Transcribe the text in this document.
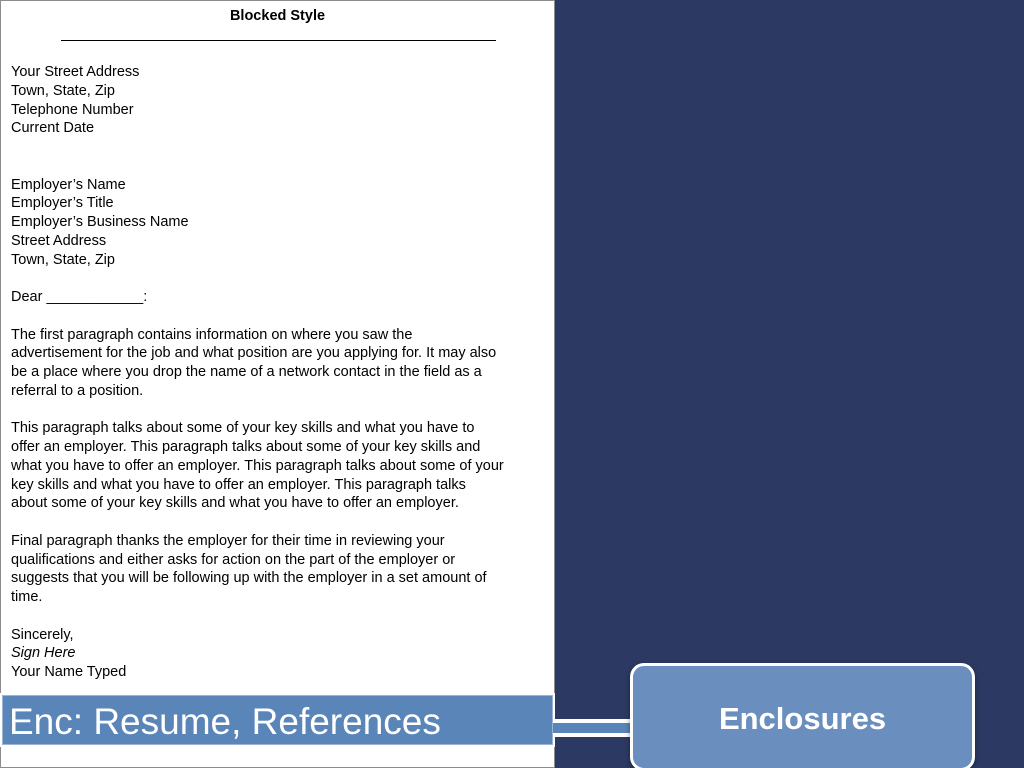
Blocked Style
Your Street Address
Town, State, Zip
Telephone Number
Current Date
Employer’s Name
Employer’s Title
Employer’s Business Name
Street Address
Town, State, Zip
Dear ____________:
The first paragraph contains information on where you saw the
advertisement for the job and what position are you applying for. It may also
be a place where you drop the name of a network contact in the field as a
referral to a position.
This paragraph talks about some of your key skills and what you have to
offer an employer. This paragraph talks about some of your key skills and
what you have to offer an employer. This paragraph talks about some of your
key skills and what you have to offer an employer. This paragraph talks
about some of your key skills and what you have to offer an employer.
Final paragraph thanks the employer for their time in reviewing your
qualifications and either asks for action on the part of the employer or
suggests that you will be following up with the employer in a set amount of
time.
Sincerely,
Sign Here
Your Name Typed
Enc: Resume, References	Enclosures
